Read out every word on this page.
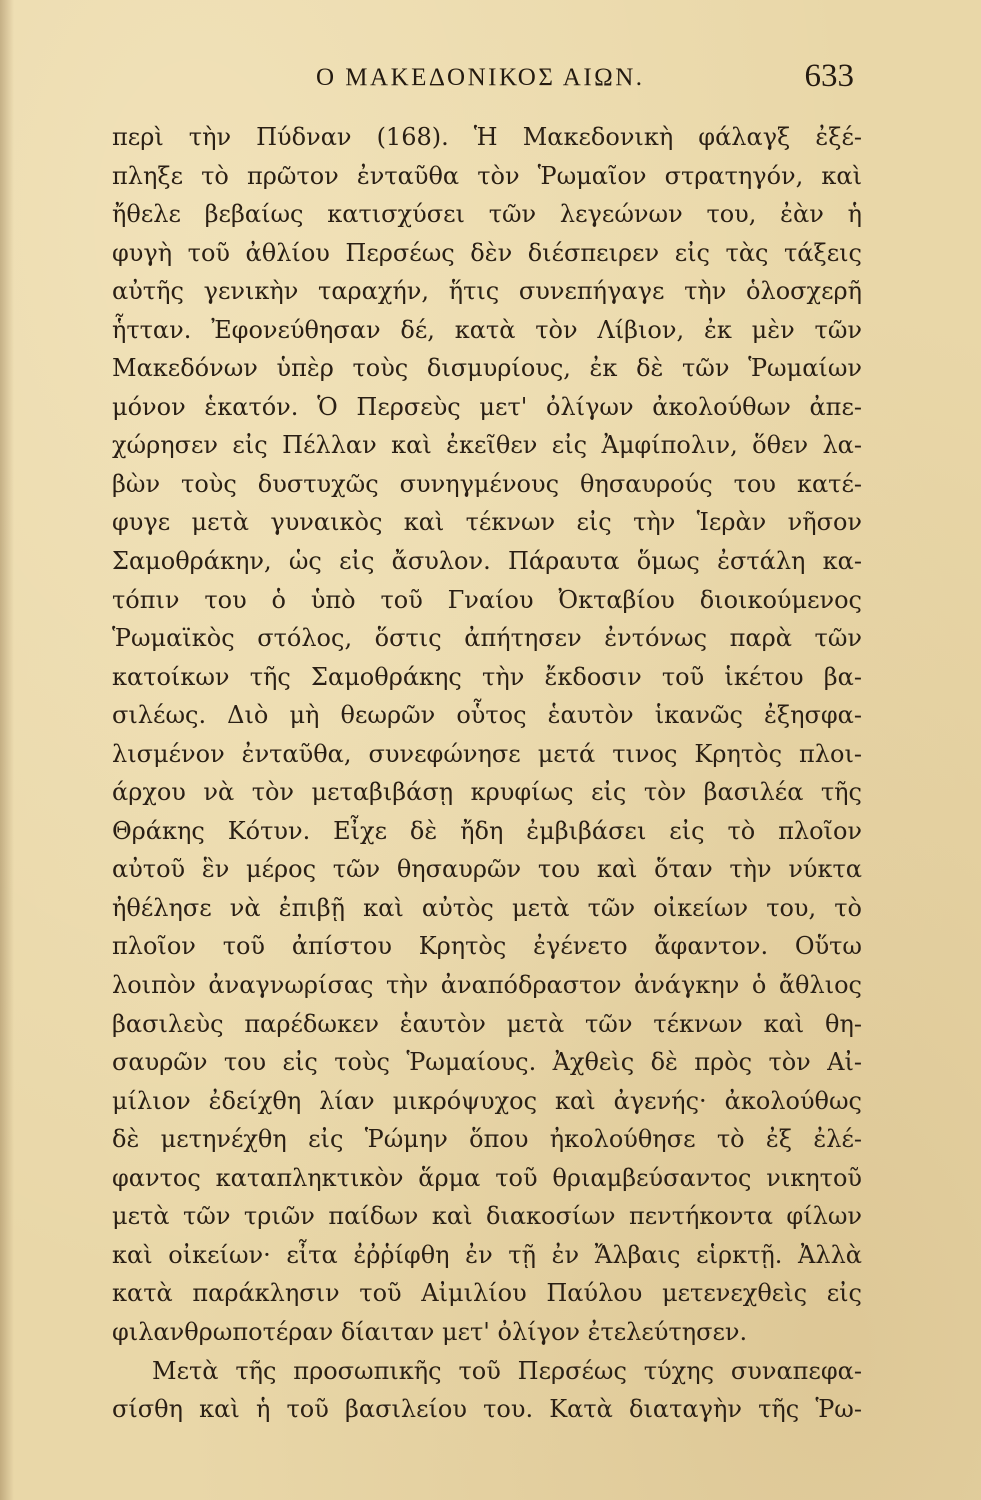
Ο ΜΑΚΕΔΟΝΙΚΟΣ ΑΙΩΝ.	633
περὶ τὴν Πύδναν (168). Ἡ Μακεδονικὴ φάλαγξ ἐξέ-
πληξε τὸ πρῶτον ἐνταῦθα τὸν Ῥωμαῖον στρατηγόν, καὶ
ἤθελε βεβαίως κατισχύσει τῶν λεγεώνων του, ἐὰν ἡ
φυγὴ τοῦ ἀθλίου Περσέως δὲν διέσπειρεν εἰς τὰς τάξεις
αὐτῆς γενικὴν ταραχήν, ἥτις συνεπήγαγε τὴν ὁλοσχερῆ
ἧτταν. Ἐφονεύθησαν δέ, κατὰ τὸν Λίβιον, ἐκ μὲν τῶν
Μακεδόνων ὑπὲρ τοὺς δισμυρίους, ἐκ δὲ τῶν Ῥωμαίων
μόνον ἑκατόν. Ὁ Περσεὺς μετ' ὀλίγων ἀκολούθων ἀπε-
χώρησεν εἰς Πέλλαν καὶ ἐκεῖθεν εἰς Ἀμφίπολιν, ὅθεν λα-
βὼν τοὺς δυστυχῶς συνηγμένους θησαυρούς του κατέ-
φυγε μετὰ γυναικὸς καὶ τέκνων εἰς τὴν Ἱερὰν νῆσον
Σαμοθράκην, ὡς εἰς ἄσυλον. Πάραυτα ὅμως ἐστάλη κα-
τόπιν του ὁ ὑπὸ τοῦ Γναίου Ὀκταβίου διοικούμενος
Ῥωμαϊκὸς στόλος, ὅστις ἀπήτησεν ἐντόνως παρὰ τῶν
κατοίκων τῆς Σαμοθράκης τὴν ἔκδοσιν τοῦ ἱκέτου βα-
σιλέως. Διὸ μὴ θεωρῶν οὗτος ἑαυτὸν ἱκανῶς ἐξησφα-
λισμένον ἐνταῦθα, συνεφώνησε μετά τινος Κρητὸς πλοι-
άρχου νὰ τὸν μεταβιβάσῃ κρυφίως εἰς τὸν βασιλέα τῆς
Θράκης Κότυν. Εἶχε δὲ ἤδη ἐμβιβάσει εἰς τὸ πλοῖον
αὐτοῦ ἓν μέρος τῶν θησαυρῶν του καὶ ὅταν τὴν νύκτα
ἠθέλησε νὰ ἐπιβῇ καὶ αὐτὸς μετὰ τῶν οἰκείων του, τὸ
πλοῖον τοῦ ἀπίστου Κρητὸς ἐγένετο ἄφαντον. Οὕτω
λοιπὸν ἀναγνωρίσας τὴν ἀναπόδραστον ἀνάγκην ὁ ἄθλιος
βασιλεὺς παρέδωκεν ἑαυτὸν μετὰ τῶν τέκνων καὶ θη-
σαυρῶν του εἰς τοὺς Ῥωμαίους. Ἀχθεὶς δὲ πρὸς τὸν Αἰ-
μίλιον ἐδείχθη λίαν μικρόψυχος καὶ ἀγενής· ἀκολούθως
δὲ μετηνέχθη εἰς Ῥώμην ὅπου ἠκολούθησε τὸ ἐξ ἐλέ-
φαντος καταπληκτικὸν ἅρμα τοῦ θριαμβεύσαντος νικητοῦ
μετὰ τῶν τριῶν παίδων καὶ διακοσίων πεντήκοντα φίλων
καὶ οἰκείων· εἶτα ἐῤῥίφθη ἐν τῇ ἐν Ἄλβαις εἱρκτῇ. Ἀλλὰ
κατὰ παράκλησιν τοῦ Αἰμιλίου Παύλου μετενεχθεὶς εἰς
φιλανθρωποτέραν δίαιταν μετ' ὀλίγον ἐτελεύτησεν.
Μετὰ τῆς προσωπικῆς τοῦ Περσέως τύχης συναπεφα-
σίσθη καὶ ἡ τοῦ βασιλείου του. Κατὰ διαταγὴν τῆς Ῥω-
